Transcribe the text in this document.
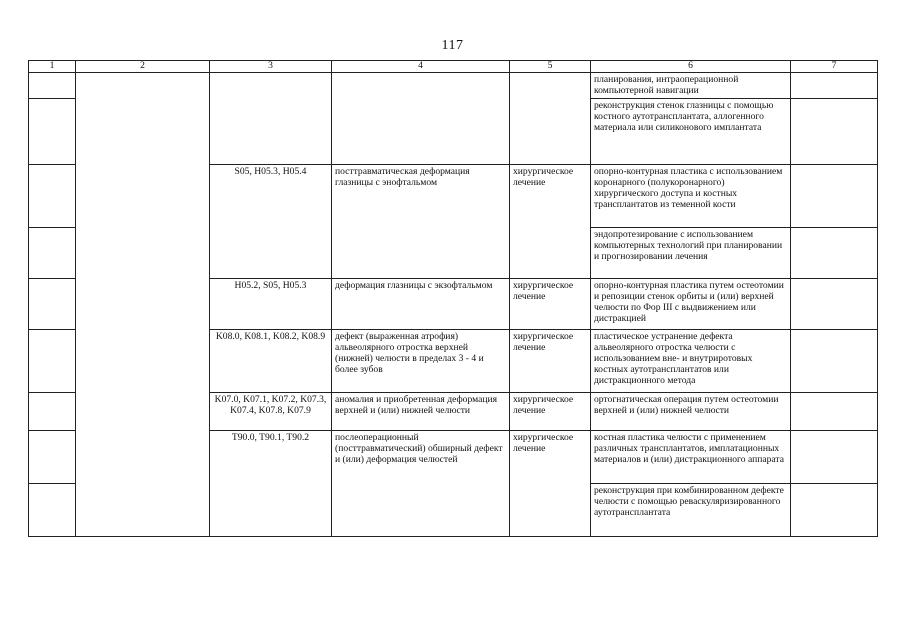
117
1	2	3	4	5	6	7
					планирования, интраоперационной компьютерной навигации	
					реконструкция стенок глазницы с помощью костного аутотрансплантата, аллогенного материала или силиконового имплантата	
		S05, H05.3, H05.4	посттравматическая деформация глазницы с энофтальмом	хирургическое лечение	опорно-контурная пластика с использованием коронарного (полукоронарного) хирургического доступа и костных трансплантатов из теменной кости	
					эндопротезирование с использованием компьютерных технологий при планировании и прогнозировании лечения	
		H05.2, S05, H05.3	деформация глазницы с экзофтальмом	хирургическое лечение	опорно-контурная пластика путем остеотомии и репозиции стенок орбиты и (или) верхней челюсти по Фор III с выдвижением или дистракцией	
		K08.0, K08.1, K08.2, K08.9	дефект (выраженная атрофия) альвеолярного отростка верхней (нижней) челюсти в пределах 3 - 4 и более зубов	хирургическое лечение	пластическое устранение дефекта альвеолярного отростка челюсти с использованием вне- и внутриротовых костных аутотрансплантатов или дистракционного метода	
		K07.0, K07.1, K07.2, K07.3, K07.4, K07.8, K07.9	аномалия и приобретенная деформация верхней и (или) нижней челюсти	хирургическое лечение	ортогнатическая операция путем остеотомии верхней и (или) нижней челюсти	
		T90.0, T90.1, T90.2	послеоперационный (посттравматический) обширный дефект и (или) деформация челюстей	хирургическое лечение	костная пластика челюсти с применением различных трансплантатов, имплатационных материалов и (или) дистракционного аппарата	
					реконструкция при комбинированном дефекте челюсти с помощью реваскуляризированного аутотрансплантата	
